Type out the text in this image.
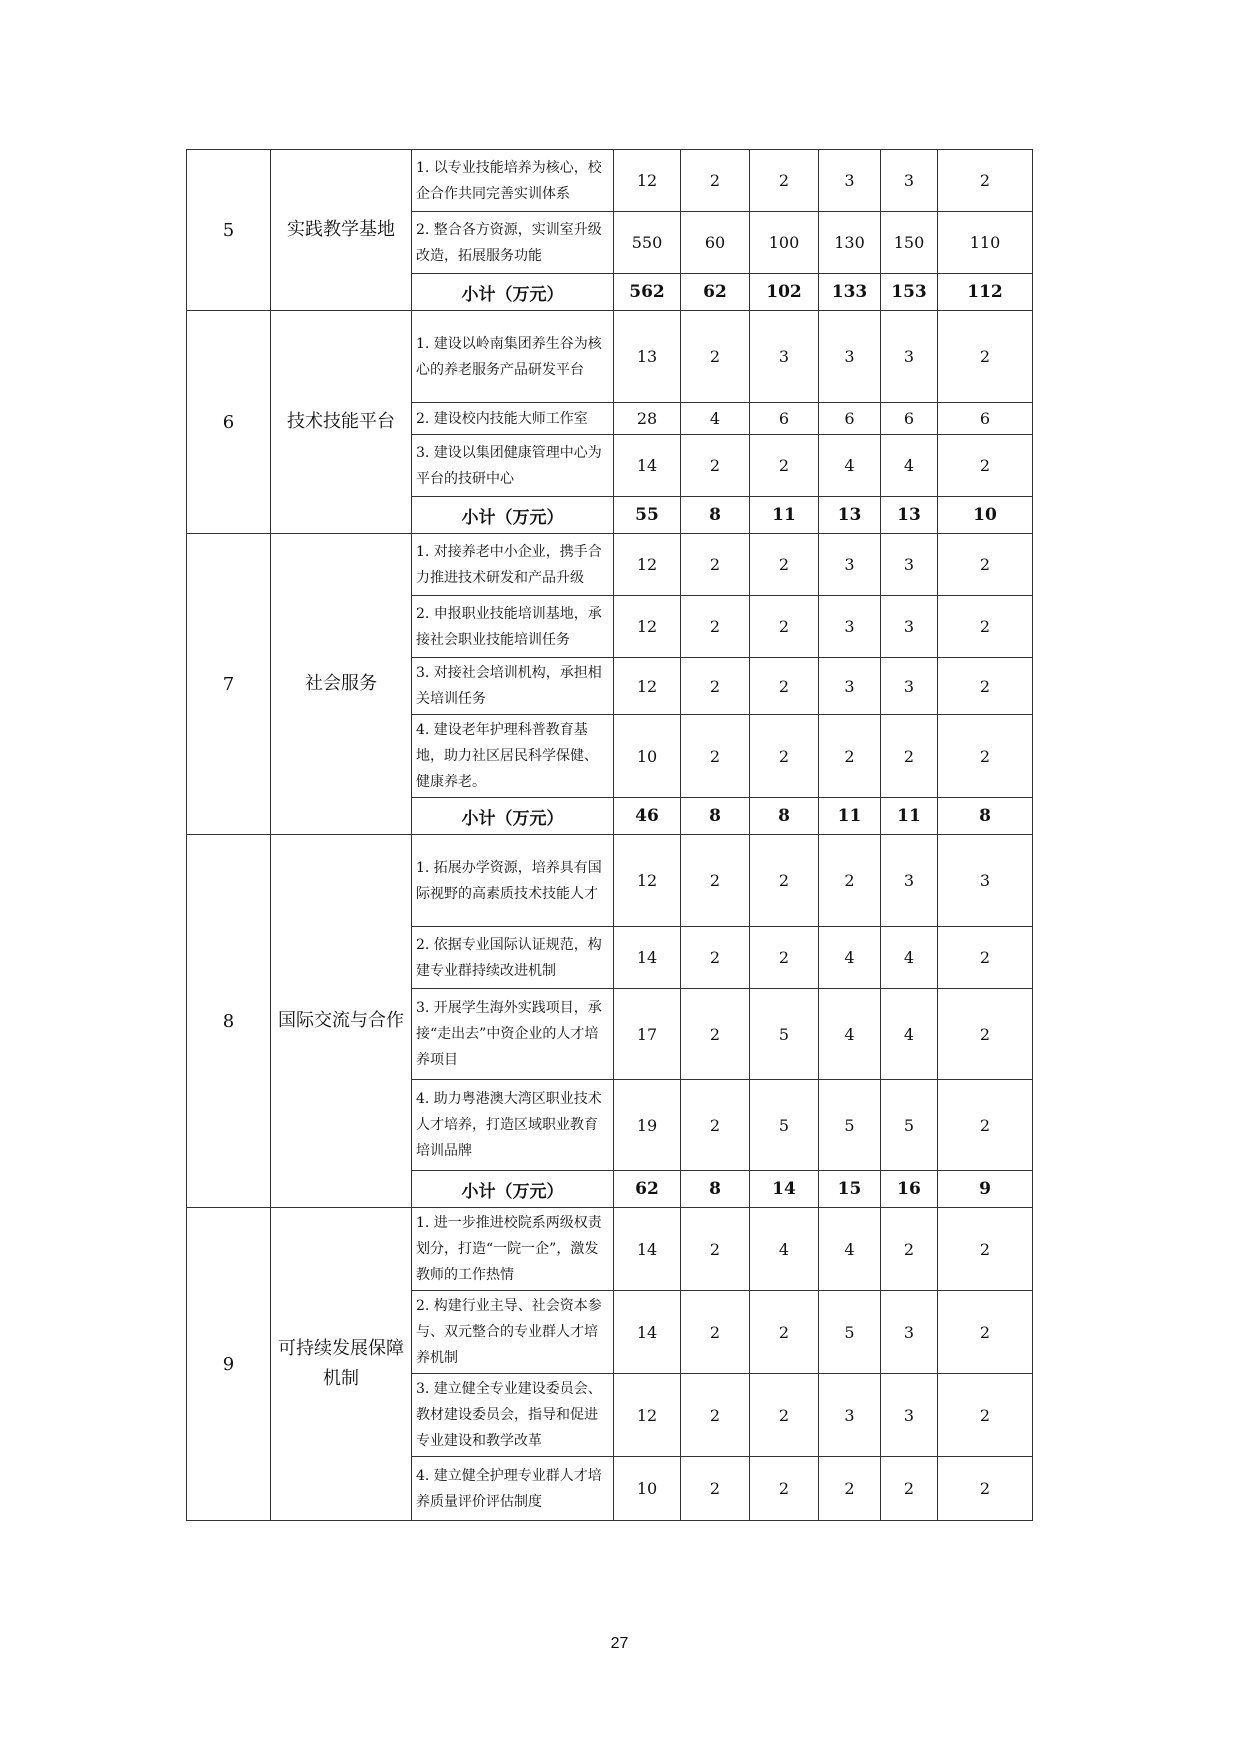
5	实践教学基地	1. 以专业技能培养为核心，校企合作共同完善实训体系	12	2	2	3	3	2
		2. 整合各方资源，实训室升级改造，拓展服务功能	550	60	100	130	150	110
		小计（万元）	562	62	102	133	153	112
6	技术技能平台	1. 建设以岭南集团养生谷为核心的养老服务产品研发平台	13	2	3	3	3	2
		2. 建设校内技能大师工作室	28	4	6	6	6	6
		3. 建设以集团健康管理中心为平台的技研中心	14	2	2	4	4	2
		小计（万元）	55	8	11	13	13	10
7	社会服务	1. 对接养老中小企业，携手合力推进技术研发和产品升级	12	2	2	3	3	2
		2. 申报职业技能培训基地，承接社会职业技能培训任务	12	2	2	3	3	2
		3. 对接社会培训机构，承担相关培训任务	12	2	2	3	3	2
		4. 建设老年护理科普教育基地，助力社区居民科学保健、健康养老。	10	2	2	2	2	2
		小计（万元）	46	8	8	11	11	8
8	国际交流与合作	1. 拓展办学资源，培养具有国际视野的高素质技术技能人才	12	2	2	2	3	3
		2. 依据专业国际认证规范，构建专业群持续改进机制	14	2	2	4	4	2
		3. 开展学生海外实践项目，承接“走出去”中资企业的人才培养项目	17	2	5	4	4	2
		4. 助力粤港澳大湾区职业技术人才培养，打造区域职业教育培训品牌	19	2	5	5	5	2
		小计（万元）	62	8	14	15	16	9
9	可持续发展保障机制	1. 进一步推进校院系两级权责划分，打造“一院一企”，激发教师的工作热情	14	2	4	4	2	2
		2. 构建行业主导、社会资本参与、双元整合的专业群人才培养机制	14	2	2	5	3	2
		3. 建立健全专业建设委员会、教材建设委员会，指导和促进专业建设和教学改革	12	2	2	3	3	2
		4. 建立健全护理专业群人才培养质量评价评估制度	10	2	2	2	2	2
27
